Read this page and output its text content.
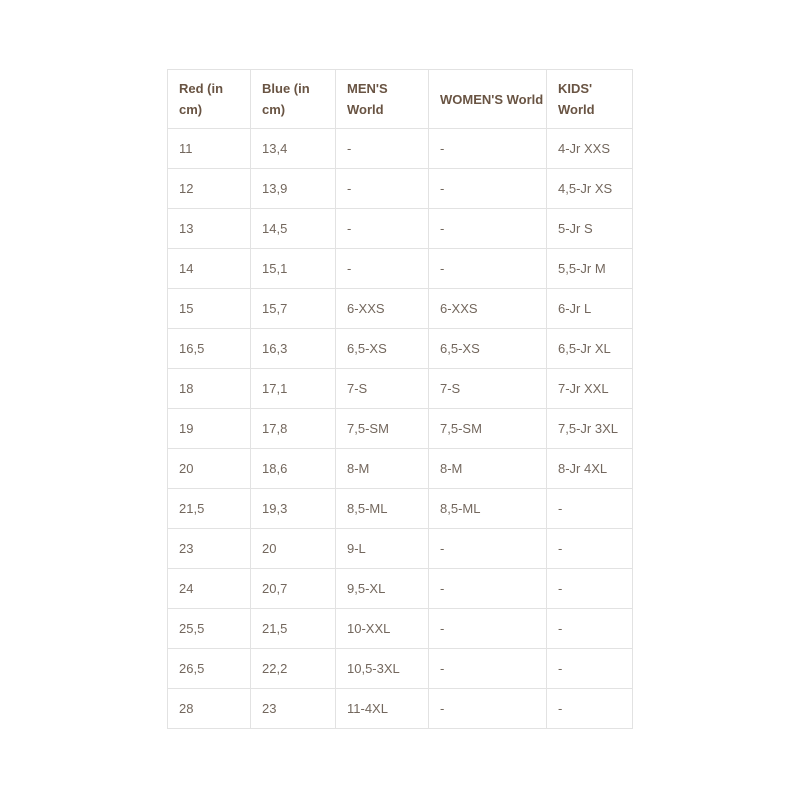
Red (in cm)	Blue (in cm)	MEN'S World	WOMEN'S World	KIDS' World
11	13,4	-	-	4-Jr XXS
12	13,9	-	-	4,5-Jr XS
13	14,5	-	-	5-Jr S
14	15,1	-	-	5,5-Jr M
15	15,7	6-XXS	6-XXS	6-Jr L
16,5	16,3	6,5-XS	6,5-XS	6,5-Jr XL
18	17,1	7-S	7-S	7-Jr XXL
19	17,8	7,5-SM	7,5-SM	7,5-Jr 3XL
20	18,6	8-M	8-M	8-Jr 4XL
21,5	19,3	8,5-ML	8,5-ML	-
23	20	9-L	-	-
24	20,7	9,5-XL	-	-
25,5	21,5	10-XXL	-	-
26,5	22,2	10,5-3XL	-	-
28	23	11-4XL	-	-
